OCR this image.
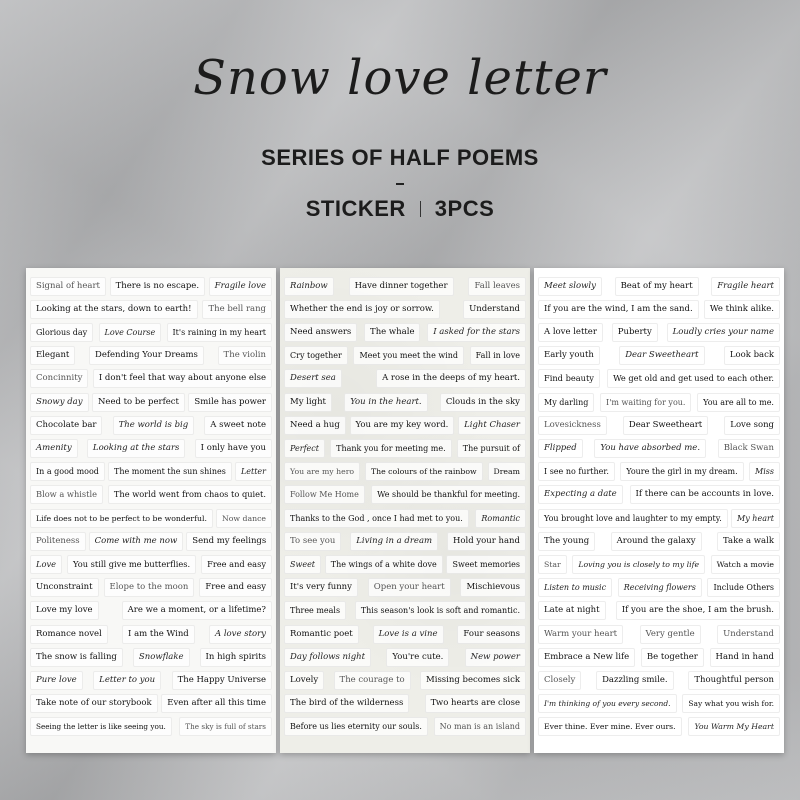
Snow love letter
SERIES OF HALF POEMS
STICKER 3PCS
Signal of heart	There is no escape.	Fragile love
Looking at the stars, down to earth!	The bell rang
Glorious day	Love Course	It's raining in my heart
Elegant	Defending Your Dreams	The violin
Concinnity	I don't feel that way about anyone else
Snowy day	Need to be perfect	Smile has power
Chocolate bar	The world is big	A sweet note
Amenity	Looking at the stars	I only have you
In a good mood	The moment the sun shines	Letter
Blow a whistle	The world went from chaos to quiet.
Life does not to be perfect to be wonderful.	Now dance
Politeness	Come with me now	Send my feelings
Love	You still give me butterflies.	Free and easy
Unconstraint	Elope to the moon	Free and easy
Love my love	Are we a moment, or a lifetime?
Romance novel	I am the Wind	A love story
The snow is falling	Snowflake	In high spirits
Pure love	Letter to you	The Happy Universe
Take note of our storybook	Even after all this time
Seeing the letter is like seeing you.	The sky is full of stars
Rainbow	Have dinner together	Fall leaves
Whether the end is joy or sorrow.	Understand
Need answers	The whale	I asked for the stars
Cry together	Meet you meet the wind	Fall in love
Desert sea	A rose in the deeps of my heart.
My light	You in the heart.	Clouds in the sky
Need a hug	You are my key word.	Light Chaser
Perfect	Thank you for meeting me.	The pursuit of
You are my hero	The colours of the rainbow	Dream
Follow Me Home	We should be thankful for meeting.
Thanks to the God , once I had met to you.	Romantic
To see you	Living in a dream	Hold your hand
Sweet	The wings of a white dove	Sweet memories
It's very funny	Open your heart	Mischievous
Three meals	This season's look is soft and romantic.
Romantic poet	Love is a vine	Four seasons
Day follows night	You're cute.	New power
Lovely	The courage to	Missing becomes sick
The bird of the wilderness	Two hearts are close
Before us lies eternity our souls.	No man is an island
Meet slowly	Beat of my heart	Fragile heart
If you are the wind, I am the sand.	We think alike.
A love letter	Puberty	Loudly cries your name
Early youth	Dear Sweetheart	Look back
Find beauty	We get old and get used to each other.
My darling	I'm waiting for you.	You are all to me.
Lovesickness	Dear Sweetheart	Love song
Flipped	You have absorbed me.	Black Swan
I see no further.	Youre the girl in my dream.	Miss
Expecting a date	If there can be accounts in love.
You brought love and laughter to my empty.	My heart
The young	Around the galaxy	Take a walk
Star	Loving you is closely to my life	Watch a movie
Listen to music	Receiving flowers	Include Others
Late at night	If you are the shoe, I am the brush.
Warm your heart	Very gentle	Understand
Embrace a New life	Be together	Hand in hand
Closely	Dazzling smile.	Thoughtful person
I'm thinking of you every second.	Say what you wish for.
Ever thine. Ever mine. Ever ours.	You Warm My Heart
